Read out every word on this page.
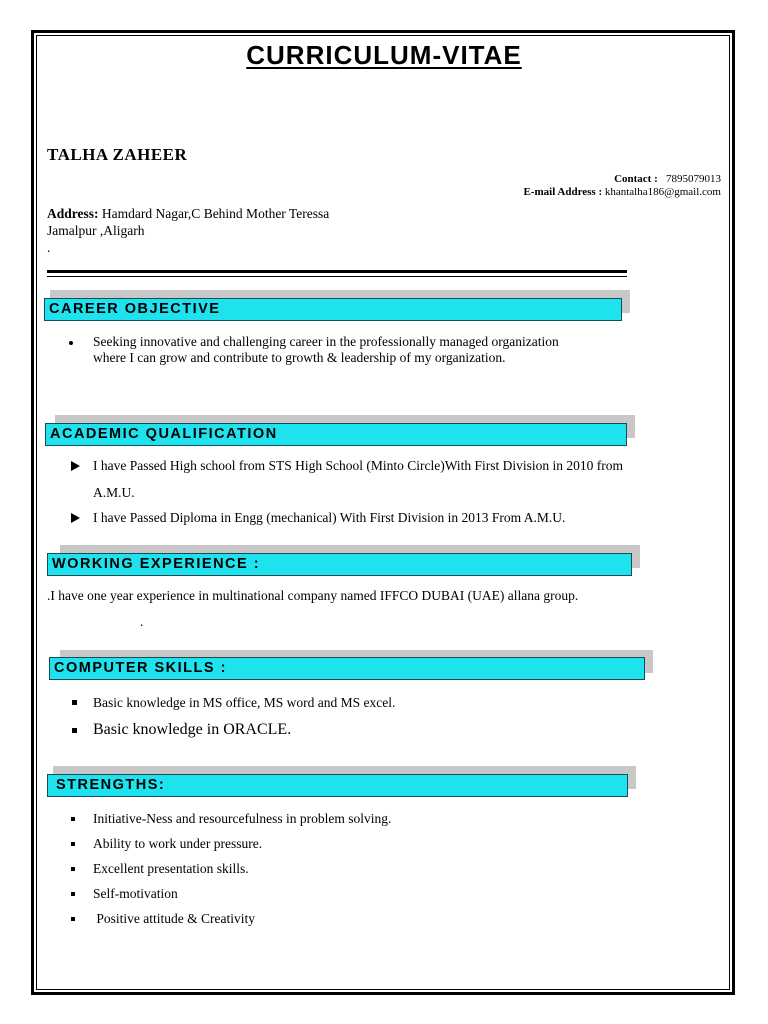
CURRICULUM-VITAE
TALHA ZAHEER
Contact : 7895079013
E-mail Address : khantalha186@gmail.com
Address: Hamdard Nagar,C Behind Mother Teressa
Jamalpur ,Aligarh
.
CAREER OBJECTIVE
Seeking innovative and challenging career in the professionally managed organization
where I can grow and contribute to growth & leadership of my organization.
ACADEMIC QUALIFICATION
I have Passed High school from STS High School (Minto Circle)With First Division in 2010 from
A.M.U.
I have Passed Diploma in Engg (mechanical) With First Division in 2013 From A.M.U.
WORKING EXPERIENCE :
.I have one year experience in multinational company named IFFCO DUBAI (UAE) allana group.
.
COMPUTER SKILLS :
Basic knowledge in MS office, MS word and MS excel.
Basic knowledge in ORACLE.
STRENGTHS:
Initiative-Ness and resourcefulness in problem solving.
Ability to work under pressure.
Excellent presentation skills.
Self-motivation
Positive attitude & Creativity
